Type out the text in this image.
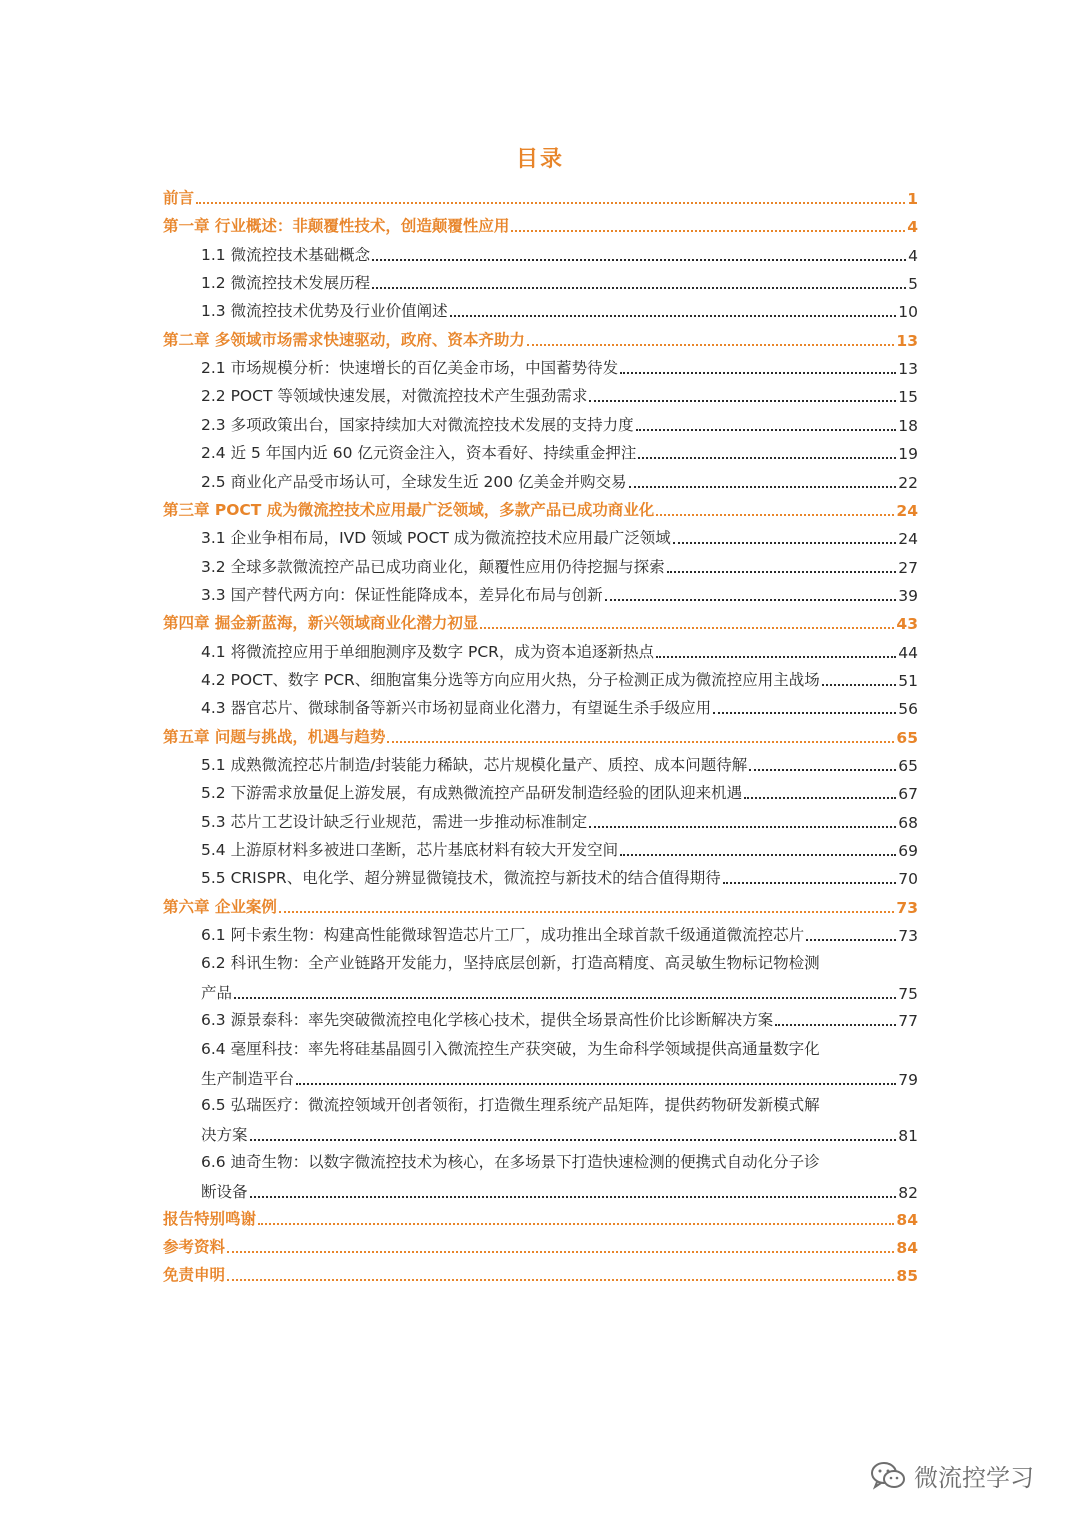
目录
前言	1
第一章 行业概述：非颠覆性技术，创造颠覆性应用	4
1.1 微流控技术基础概念	4
1.2 微流控技术发展历程	5
1.3 微流控技术优势及行业价值阐述	10
第二章 多领域市场需求快速驱动，政府、资本齐助力	13
2.1 市场规模分析：快速增长的百亿美金市场，中国蓄势待发	13
2.2 POCT 等领域快速发展，对微流控技术产生强劲需求	15
2.3 多项政策出台，国家持续加大对微流控技术发展的支持力度	18
2.4 近 5 年国内近 60 亿元资金注入，资本看好、持续重金押注	19
2.5 商业化产品受市场认可，全球发生近 200 亿美金并购交易	22
第三章 POCT 成为微流控技术应用最广泛领域，多款产品已成功商业化	24
3.1 企业争相布局，IVD 领域 POCT 成为微流控技术应用最广泛领域	24
3.2 全球多款微流控产品已成功商业化，颠覆性应用仍待挖掘与探索	27
3.3 国产替代两方向：保证性能降成本，差异化布局与创新	39
第四章 掘金新蓝海，新兴领域商业化潜力初显	43
4.1 将微流控应用于单细胞测序及数字 PCR，成为资本追逐新热点	44
4.2 POCT、数字 PCR、细胞富集分选等方向应用火热，分子检测正成为微流控应用主战场	51
4.3 器官芯片、微球制备等新兴市场初显商业化潜力，有望诞生杀手级应用	56
第五章 问题与挑战，机遇与趋势	65
5.1 成熟微流控芯片制造/封装能力稀缺，芯片规模化量产、质控、成本问题待解	65
5.2 下游需求放量促上游发展，有成熟微流控产品研发制造经验的团队迎来机遇	67
5.3 芯片工艺设计缺乏行业规范，需进一步推动标准制定	68
5.4 上游原材料多被进口垄断，芯片基底材料有较大开发空间	69
5.5 CRISPR、电化学、超分辨显微镜技术，微流控与新技术的结合值得期待	70
第六章 企业案例	73
6.1 阿卡索生物：构建高性能微球智造芯片工厂，成功推出全球首款千级通道微流控芯片	73
6.2 科讯生物：全产业链路开发能力，坚持底层创新，打造高精度、高灵敏生物标记物检测
产品	75
6.3 源景泰科：率先突破微流控电化学核心技术，提供全场景高性价比诊断解决方案	77
6.4 毫厘科技：率先将硅基晶圆引入微流控生产获突破，为生命科学领域提供高通量数字化
生产制造平台	79
6.5 弘瑞医疗：微流控领域开创者领衔，打造微生理系统产品矩阵，提供药物研发新模式解
决方案	81
6.6 迪奇生物：以数字微流控技术为核心，在多场景下打造快速检测的便携式自动化分子诊
断设备	82
报告特别鸣谢	84
参考资料	84
免责申明	85
微流控学习
